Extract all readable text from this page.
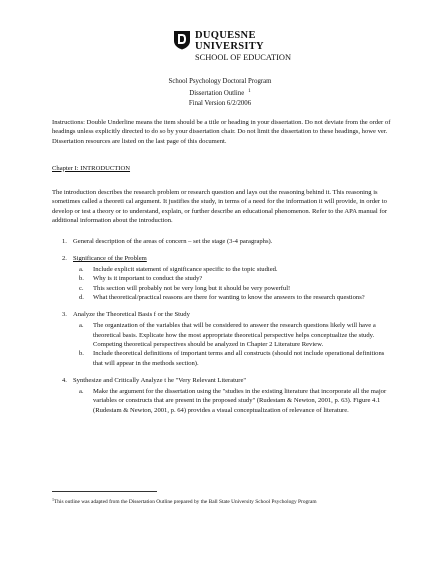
DUQUESNE
UNIVERSITY
SCHOOL OF EDUCATION
School Psychology Doctoral Program
Dissertation Outline $^1$
Final Version 6/2/2006

Instructions: Double Underline means the item should be a title or heading in your dissertation. Do not deviate from the order of headings unless explicitly directed to do so by your dissertation chair. Do not limit the dissertation to these headings, howe ver. Dissertation resources are listed on the last page of this document.

Chapter I: INTRODUCTION

The introduction describes the research problem or research question and lays out the reasoning behind it. This reasoning is sometimes called a theoreti cal argument. It justifies the study, in terms of a need for the information it will provide, in order to develop or test a theory or to understand, explain, or further describe an educational phenomenon. Refer to the APA manual for additional information about the introduction.

1. General description of the areas of concern – set the stage (3-4 paragraphs).
2. Significance of the Problem
a. Include explicit statement of significance specific to the topic studied.
b. Why is it important to conduct the study?
c. This section will probably not be very long but it should be very powerful!
d. What theoretical/practical reasons are there for wanting to know the answers to the research questions?
3. Analyze the Theoretical Basis f or the Study
a. The organization of the variables that will be considered to answer the research questions likely will have a theoretical basis. Explicate how the most appropriate theoretical perspective helps conceptualize the study. Competing theoretical perspectives should be analyzed in Chapter 2 Literature Review.
b. Include theoretical definitions of important terms and all constructs (should not include operational definitions that will appear in the methods section).
4. Synthesize and Critically Analyze t he "Very Relevant Literature"
a. Make the argument for the dissertation using the "studies in the existing literature that incorporate all the major variables or constructs that are present in the proposed study" (Rudestam & Newton, 2001, p. 63). Figure 4.1 (Rudestam & Newton, 2001, p. 64) provides a visual conceptualization of relevance of literature.
$^1$This outline was adapted from the Dissertation Outline prepared by the Ball State University School Psychology Program
